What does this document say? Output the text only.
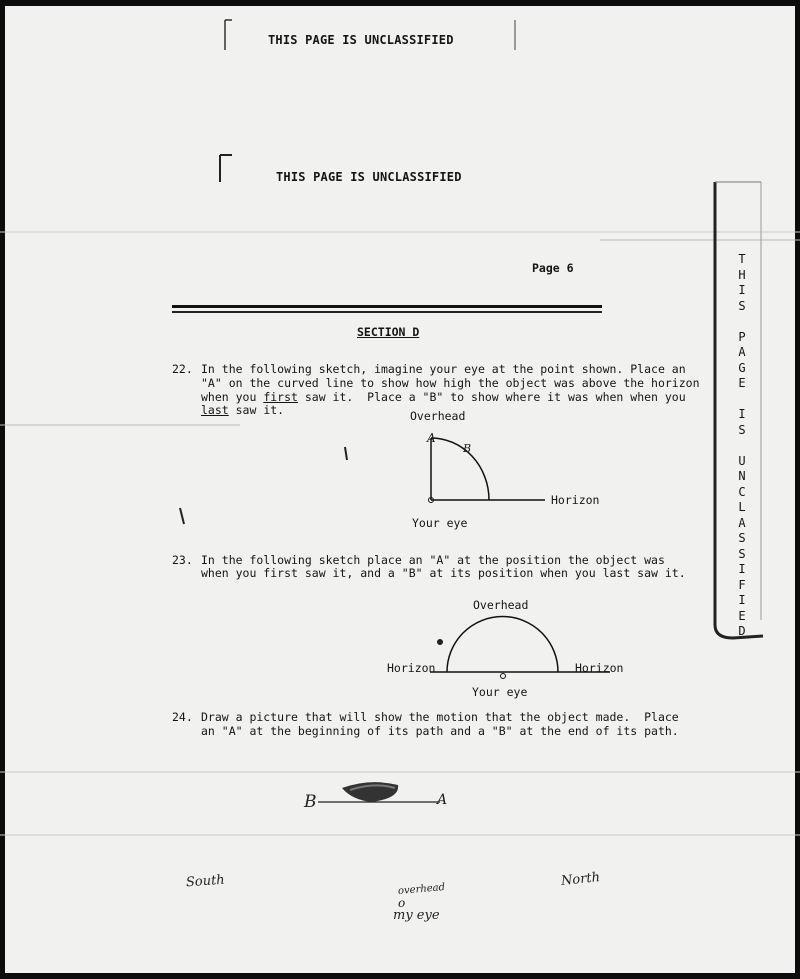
THIS PAGE IS UNCLASSIFIED
THIS PAGE IS UNCLASSIFIED
Page 6
T
H
I
S
P
A
G
E
I
S
U
N
C
L
A
S
S
I
F
I
E
D
SECTION D
22. In the following sketch, imagine your eye at the point shown. Place an
"A" on the curved line to show how high the object was above the horizon
when you first saw it.  Place a "B" to show where it was when when you
last saw it.	Overhead
Horizon
Your eye
A
B
23. In the following sketch place an "A" at the position the object was
when you first saw it, and a "B" at its position when you last saw it.
Overhead
Horizon	Horizon
Your eye
24. Draw a picture that will show the motion that the object made.  Place
an "A" at the beginning of its path and a "B" at the end of its path.
B	A
South	North
overhead
o
my eye
